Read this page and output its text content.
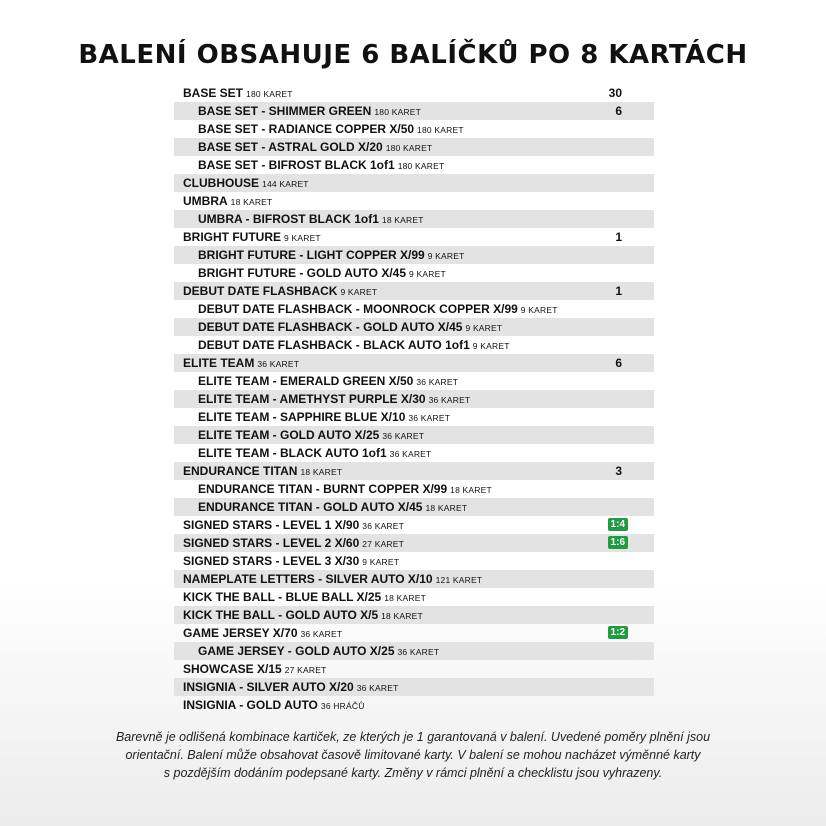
BALENÍ OBSAHUJE 6 BALÍČKŮ PO 8 KARTÁCH
BASE SET 180 KARET	30
BASE SET - SHIMMER GREEN 180 KARET	6
BASE SET - RADIANCE COPPER X/50 180 KARET
BASE SET - ASTRAL GOLD X/20 180 KARET
BASE SET - BIFROST BLACK 1of1 180 KARET
CLUBHOUSE 144 KARET
UMBRA 18 KARET
UMBRA - BIFROST BLACK 1of1 18 KARET
BRIGHT FUTURE 9 KARET	1
BRIGHT FUTURE - LIGHT COPPER X/99 9 KARET
BRIGHT FUTURE - GOLD AUTO X/45 9 KARET
DEBUT DATE FLASHBACK 9 KARET	1
DEBUT DATE FLASHBACK - MOONROCK COPPER X/99 9 KARET
DEBUT DATE FLASHBACK - GOLD AUTO X/45 9 KARET
DEBUT DATE FLASHBACK - BLACK AUTO 1of1 9 KARET
ELITE TEAM 36 KARET	6
ELITE TEAM - EMERALD GREEN X/50 36 KARET
ELITE TEAM - AMETHYST PURPLE X/30 36 KARET
ELITE TEAM - SAPPHIRE BLUE X/10 36 KARET
ELITE TEAM - GOLD AUTO X/25 36 KARET
ELITE TEAM - BLACK AUTO 1of1 36 KARET
ENDURANCE TITAN 18 KARET	3
ENDURANCE TITAN - BURNT COPPER X/99 18 KARET
ENDURANCE TITAN - GOLD AUTO X/45 18 KARET
SIGNED STARS - LEVEL 1 X/90 36 KARET	1:4
SIGNED STARS - LEVEL 2 X/60 27 KARET	1:6
SIGNED STARS - LEVEL 3 X/30 9 KARET
NAMEPLATE LETTERS - SILVER AUTO X/10 121 KARET
KICK THE BALL - BLUE BALL X/25 18 KARET
KICK THE BALL - GOLD AUTO X/5 18 KARET
GAME JERSEY X/70 36 KARET	1:2
GAME JERSEY - GOLD AUTO X/25 36 KARET
SHOWCASE X/15 27 KARET
INSIGNIA - SILVER AUTO X/20 36 KARET
INSIGNIA - GOLD AUTO 36 HRÁČŮ
Barevně je odlišená kombinace kartiček, ze kterých je 1 garantovaná v balení. Uvedené poměry plnění jsou
orientační. Balení může obsahovat časově limitované karty. V balení se mohou nacházet výměnné karty
s pozdějším dodáním podepsané karty. Změny v rámci plnění a checklistu jsou vyhrazeny.
